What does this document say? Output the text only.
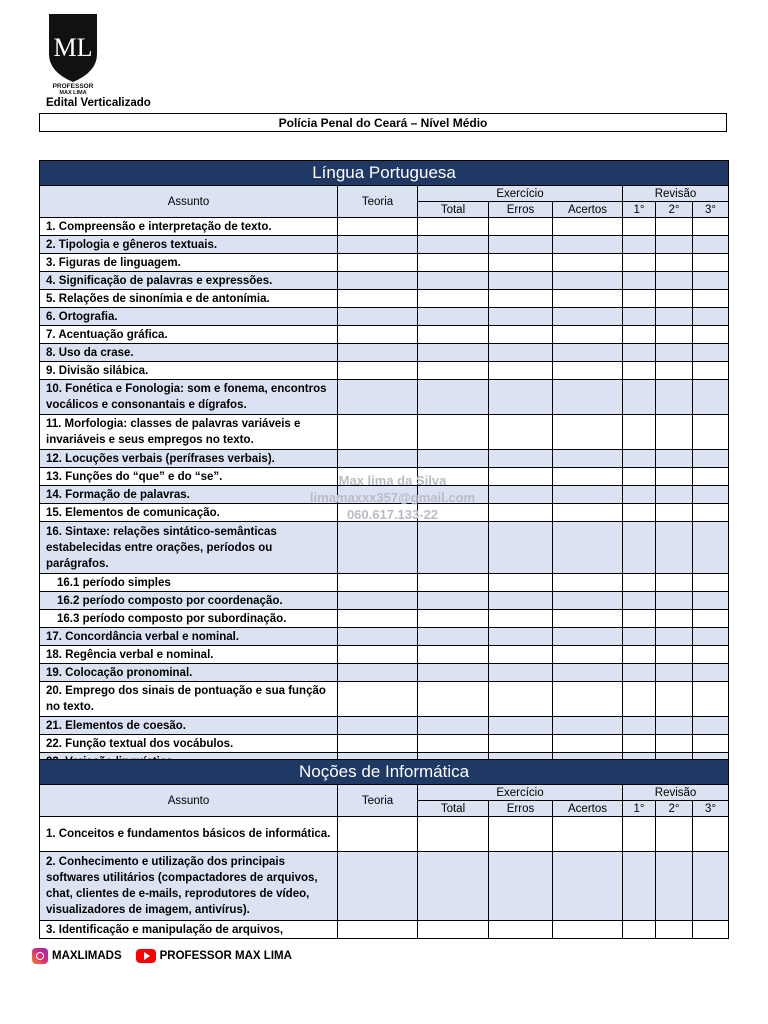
ML
PROFESSOR
MAX LIMA
Edital Verticalizado
Polícia Penal do Ceará – Nível Médio
Língua Portuguesa							
Assunto	Teoria	Exercício			Revisão		
		Total	Erros	Acertos	1°	2°	3°
1. Compreensão e interpretação de texto.							
2. Tipologia e gêneros textuais.							
3. Figuras de linguagem.							
4. Significação de palavras e expressões.							
5. Relações de sinonímia e de antonímia.							
6. Ortografia.							
7. Acentuação gráfica.							
8. Uso da crase.							
9. Divisão silábica.							
10. Fonética e Fonologia: som e fonema, encontros vocálicos e consonantais e dígrafos.							
11. Morfologia: classes de palavras variáveis e invariáveis e seus empregos no texto.							
12. Locuções verbais (perífrases verbais).							
13. Funções do “que” e do “se”.							
14. Formação de palavras.							
15. Elementos de comunicação.							
16. Sintaxe: relações sintático-semânticas estabelecidas entre orações, períodos ou parágrafos.							
16.1 período simples							
16.2 período composto por coordenação.							
16.3 período composto por subordinação.							
17. Concordância verbal e nominal.							
18. Regência verbal e nominal.							
19. Colocação pronominal.							
20. Emprego dos sinais de pontuação e sua função no texto.							
21. Elementos de coesão.							
22. Função textual dos vocábulos.							

Noções de Informática							
Assunto	Teoria	Exercício			Revisão		
		Total	Erros	Acertos	1°	2°	3°
1. Conceitos e fundamentos básicos de informática.							
2. Conhecimento e utilização dos principais softwares utilitários (compactadores de arquivos, chat, clientes de e-mails, reprodutores de vídeo, visualizadores de imagem, antivírus).							
3. Identificação e manipulação de arquivos,							
Max lima da Silva
limamaxxx357@gmail.com
060.617.133-22
MAXLIMADS	PROFESSOR MAX LIMA
